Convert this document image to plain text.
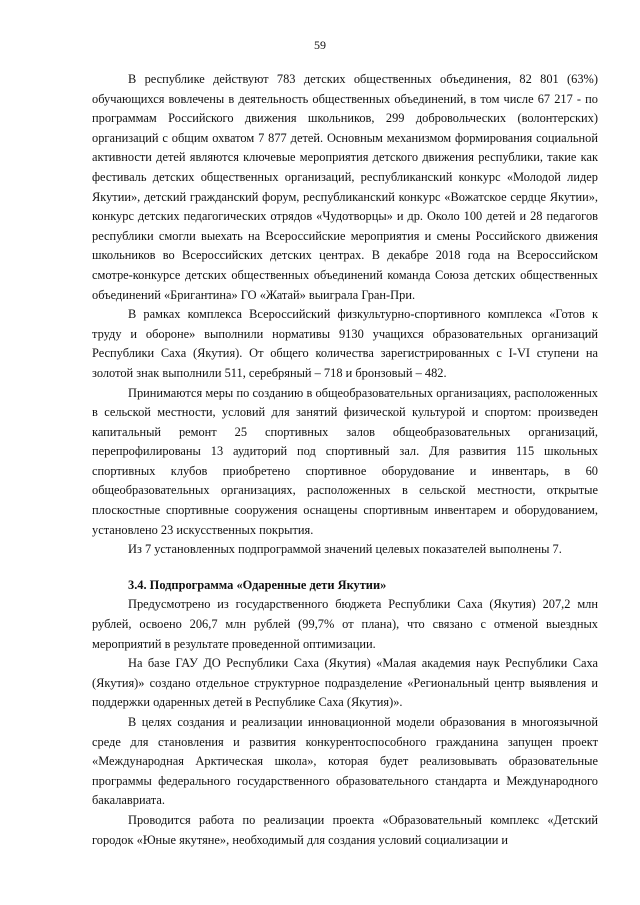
59

В республике действуют 783 детских общественных объединения, 82 801 (63%) обучающихся вовлечены в деятельность общественных объединений, в том числе 67 217 - по программам Российского движения школьников, 299 добровольческих (волонтерских) организаций с общим охватом 7 877 детей. Основным механизмом формирования социальной активности детей являются ключевые мероприятия детского движения республики, такие как фестиваль детских общественных организаций, республиканский конкурс «Молодой лидер Якутии», детский гражданский форум, республиканский конкурс «Вожатское сердце Якутии», конкурс детских педагогических отрядов «Чудотворцы» и др. Около 100 детей и 28 педагогов республики смогли выехать на Всероссийские мероприятия и смены Российского движения школьников во Всероссийских детских центрах. В декабре 2018 года на Всероссийском смотре-конкурсе детских общественных объединений команда Союза детских общественных объединений «Бригантина» ГО «Жатай» выиграла Гран-При.

В рамках комплекса Всероссийский физкультурно-спортивного комплекса «Готов к труду и обороне» выполнили нормативы 9130 учащихся образовательных организаций Республики Саха (Якутия). От общего количества зарегистрированных с I-VI ступени на золотой знак выполнили 511, серебряный – 718 и бронзовый – 482.

Принимаются меры по созданию в общеобразовательных организациях, расположенных в сельской местности, условий для занятий физической культурой и спортом: произведен капитальный ремонт 25 спортивных залов общеобразовательных организаций, перепрофилированы 13 аудиторий под спортивный зал. Для развития 115 школьных спортивных клубов приобретено спортивное оборудование и инвентарь, в 60 общеобразовательных организациях, расположенных в сельской местности, открытые плоскостные спортивные сооружения оснащены спортивным инвентарем и оборудованием, установлено 23 искусственных покрытия.

Из 7 установленных подпрограммой значений целевых показателей выполнены 7.

3.4. Подпрограмма «Одаренные дети Якутии»

Предусмотрено из государственного бюджета Республики Саха (Якутия) 207,2 млн рублей, освоено 206,7 млн рублей (99,7% от плана), что связано с отменой выездных мероприятий в результате проведенной оптимизации.

На базе ГАУ ДО Республики Саха (Якутия) «Малая академия наук Республики Саха (Якутия)» создано отдельное структурное подразделение «Региональный центр выявления и поддержки одаренных детей в Республике Саха (Якутия)».

В целях создания и реализации инновационной модели образования в многоязычной среде для становления и развития конкурентоспособного гражданина запущен проект «Международная Арктическая школа», которая будет реализовывать образовательные программы федерального государственного образовательного стандарта и Международного бакалавриата.

Проводится работа по реализации проекта «Образовательный комплекс «Детский городок «Юные якутяне», необходимый для создания условий социализации и
